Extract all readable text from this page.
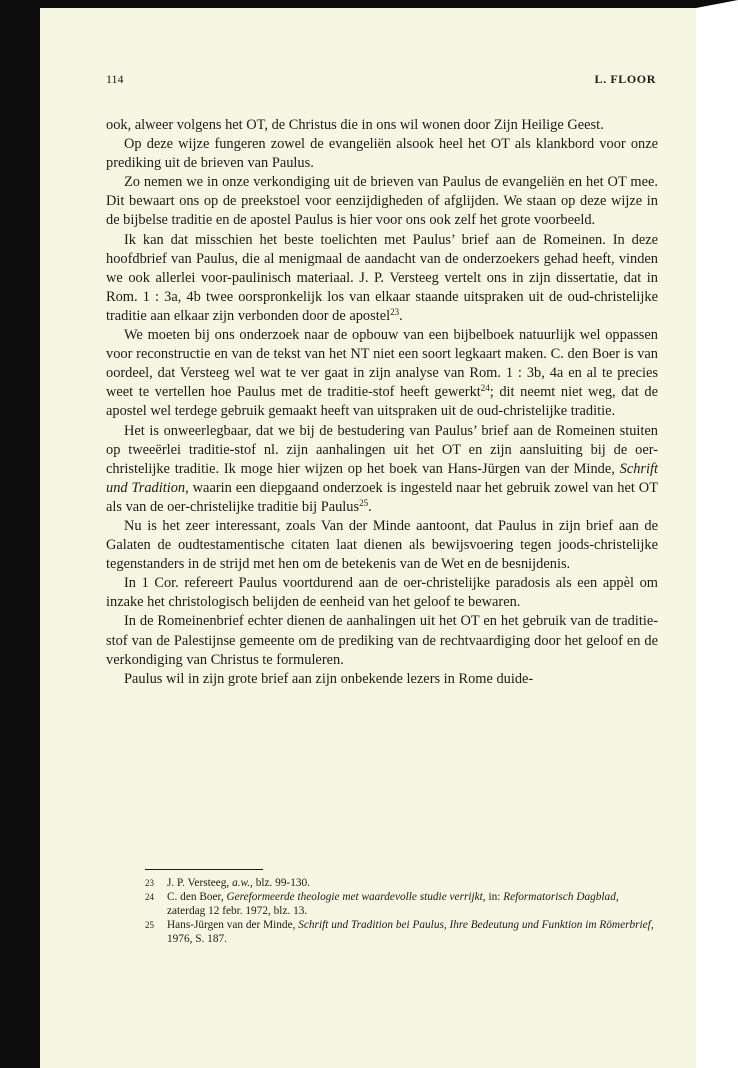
114	L. FLOOR

ook, alweer volgens het OT, de Christus die in ons wil wonen door Zijn Heilige Geest.

Op deze wijze fungeren zowel de evangeliën alsook heel het OT als klankbord voor onze prediking uit de brieven van Paulus.

Zo nemen we in onze verkondiging uit de brieven van Paulus de evangeliën en het OT mee. Dit bewaart ons op de preekstoel voor eenzijdigheden of afglijden. We staan op deze wijze in de bijbelse traditie en de apostel Paulus is hier voor ons ook zelf het grote voorbeeld.

Ik kan dat misschien het beste toelichten met Paulus’ brief aan de Romeinen. In deze hoofdbrief van Paulus, die al menigmaal de aandacht van de onderzoekers gehad heeft, vinden we ook allerlei voor-paulinisch materiaal. J. P. Versteeg vertelt ons in zijn dissertatie, dat in Rom. 1 : 3a, 4b twee oorspronkelijk los van elkaar staande uitspraken uit de oud-christelijke traditie aan elkaar zijn verbonden door de apostel$^{23}$.

We moeten bij ons onderzoek naar de opbouw van een bijbelboek natuurlijk wel oppassen voor reconstructie en van de tekst van het NT niet een soort legkaart maken. C. den Boer is van oordeel, dat Versteeg wel wat te ver gaat in zijn analyse van Rom. 1 : 3b, 4a en al te precies weet te vertellen hoe Paulus met de traditie-stof heeft gewerkt$^{24}$; dit neemt niet weg, dat de apostel wel terdege gebruik gemaakt heeft van uitspraken uit de oud-christelijke traditie.

Het is onweerlegbaar, dat we bij de bestudering van Paulus’ brief aan de Romeinen stuiten op tweeërlei traditie-stof nl. zijn aanhalingen uit het OT en zijn aansluiting bij de oer-christelijke traditie. Ik moge hier wijzen op het boek van Hans-Jürgen van der Minde, Schrift und Tradition, waarin een diepgaand onderzoek is ingesteld naar het gebruik zowel van het OT als van de oer-christelijke traditie bij Paulus$^{25}$.

Nu is het zeer interessant, zoals Van der Minde aantoont, dat Paulus in zijn brief aan de Galaten de oudtestamentische citaten laat dienen als bewijsvoering tegen joods-christelijke tegenstanders in de strijd met hen om de betekenis van de Wet en de besnijdenis.

In 1 Cor. refereert Paulus voortdurend aan de oer-christelijke paradosis als een appèl om inzake het christologisch belijden de eenheid van het geloof te bewaren.

In de Romeinenbrief echter dienen de aanhalingen uit het OT en het gebruik van de traditie-stof van de Palestijnse gemeente om de prediking van de rechtvaardiging door het geloof en de verkondiging van Christus te formuleren.

Paulus wil in zijn grote brief aan zijn onbekende lezers in Rome duide-

23 J. P. Versteeg, a.w., blz. 99-130.
24 C. den Boer, Gereformeerde theologie met waardevolle studie verrijkt, in: Reformatorisch Dagblad, zaterdag 12 febr. 1972, blz. 13.
25 Hans-Jürgen van der Minde, Schrift und Tradition bei Paulus, Ihre Bedeutung und Funktion im Römerbrief, 1976, S. 187.
